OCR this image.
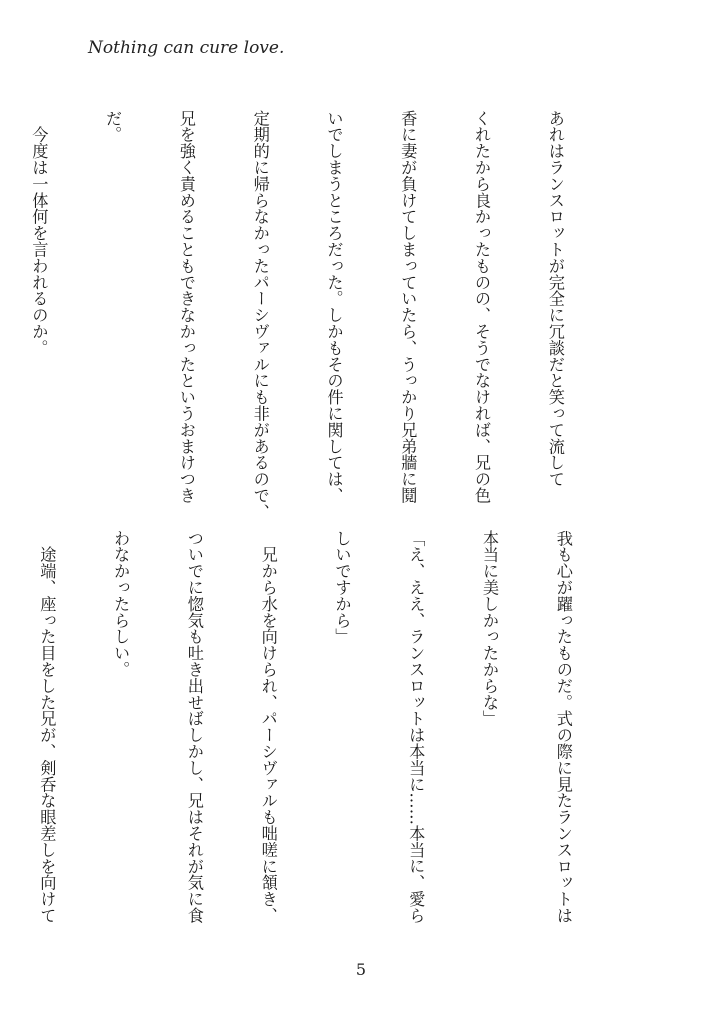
Nothing can cure love.

あれはランスロットが完全に冗談だと笑って流して

くれたから良かったものの、そうでなければ、兄の色

香に妻が負けてしまっていたら、うっかり兄弟牆に鬩

いでしまうところだった。しかもその件に関しては、

定期的に帰らなかったパーシヴァルにも非があるので、

兄を強く責めることもできなかったというおまけつき

だ。

　今度は一体何を言われるのか。

我も心が躍ったものだ。式の際に見たランスロットは

本当に美しかったからな」

「え、ええ、ランスロットは本当に……本当に、愛ら

しいですから」

　兄から水を向けられ、パーシヴァルも咄嗟に頷き、

ついでに惚気も吐き出せばしかし、兄はそれが気に食

わなかったらしい。

　途端、座った目をした兄が、剣呑な眼差しを向けて

5
